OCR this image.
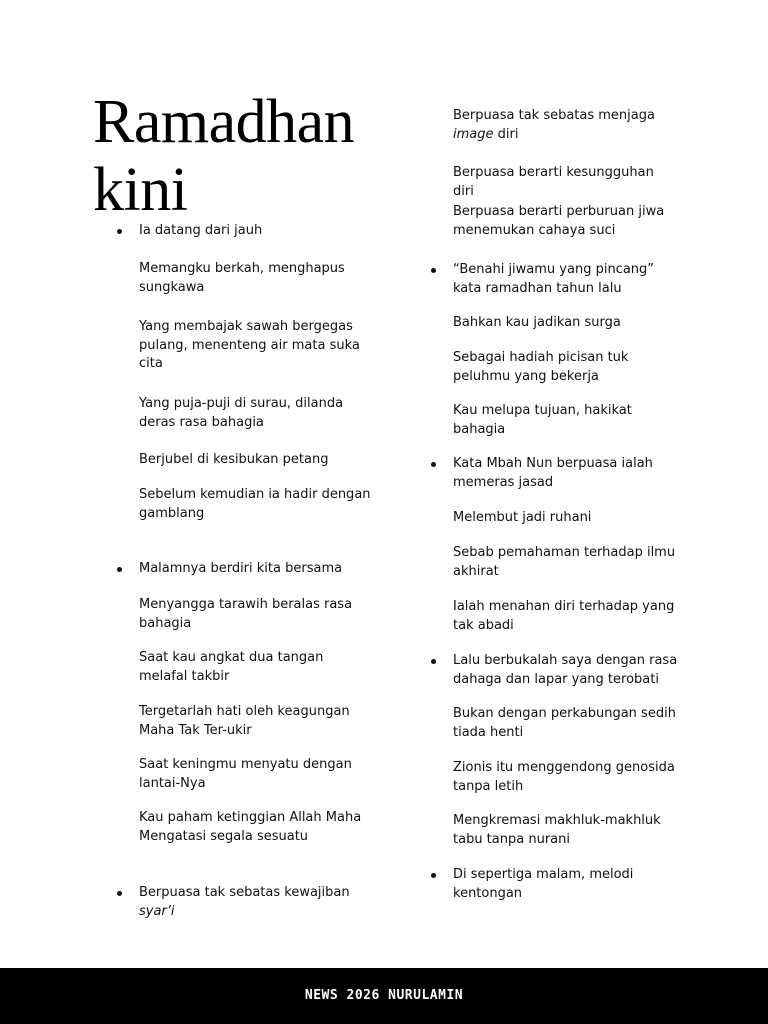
Ramadhan
kini
Ia datang dari jauh
Memangku berkah, menghapus sungkawa
Yang membajak sawah bergegas pulang, menenteng air mata suka cita
Yang puja-puji di surau, dilanda deras rasa bahagia
Berjubel di kesibukan petang
Sebelum kemudian ia hadir dengan gamblang
Malamnya berdiri kita bersama
Menyangga tarawih beralas rasa bahagia
Saat kau angkat dua tangan melafal takbir
Tergetarlah hati oleh keagungan Maha Tak Ter-ukir
Saat keningmu menyatu dengan lantai-Nya
Kau paham ketinggian Allah Maha Mengatasi segala sesuatu
Berpuasa tak sebatas kewajiban syar’i
Berpuasa tak sebatas menjaga image diri
Berpuasa berarti kesungguhan diri
Berpuasa berarti perburuan jiwa menemukan cahaya suci
“Benahi jiwamu yang pincang” kata ramadhan tahun lalu
Bahkan kau jadikan surga
Sebagai hadiah picisan tuk peluhmu yang bekerja
Kau melupa tujuan, hakikat bahagia
Kata Mbah Nun berpuasa ialah memeras jasad
Melembut jadi ruhani
Sebab pemahaman terhadap ilmu akhirat
Ialah menahan diri terhadap yang tak abadi
Lalu berbukalah saya dengan rasa dahaga dan lapar yang terobati
Bukan dengan perkabungan sedih tiada henti
Zionis itu menggendong genosida tanpa letih
Mengkremasi makhluk-makhluk tabu tanpa nurani
Di sepertiga malam, melodi kentongan
NEWS 2026 NURULAMIN
